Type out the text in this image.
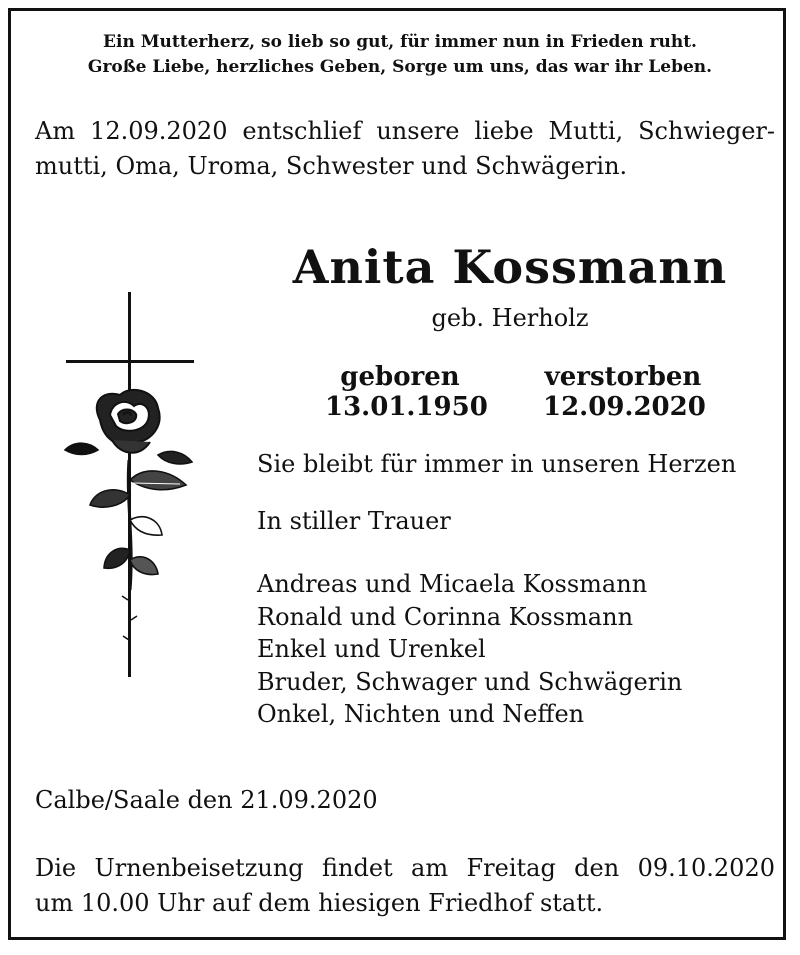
Ein Mutterherz, so lieb so gut, für immer nun in Frieden ruht.
Große Liebe, herzliches Geben, Sorge um uns, das war ihr Leben.
Am 12.09.2020 entschlief unsere liebe Mutti, Schwieger-
mutti, Oma, Uroma, Schwester und Schwägerin.
Anita Kossmann
geb. Herholz
geboren
13.01.1950
verstorben
12.09.2020
Sie bleibt für immer in unseren Herzen
In stiller Trauer
Andreas und Micaela Kossmann
Ronald und Corinna Kossmann
Enkel und Urenkel
Bruder, Schwager und Schwägerin
Onkel, Nichten und Neffen
Calbe/Saale den 21.09.2020
Die Urnenbeisetzung findet am Freitag den 09.10.2020
um 10.00 Uhr auf dem hiesigen Friedhof statt.
